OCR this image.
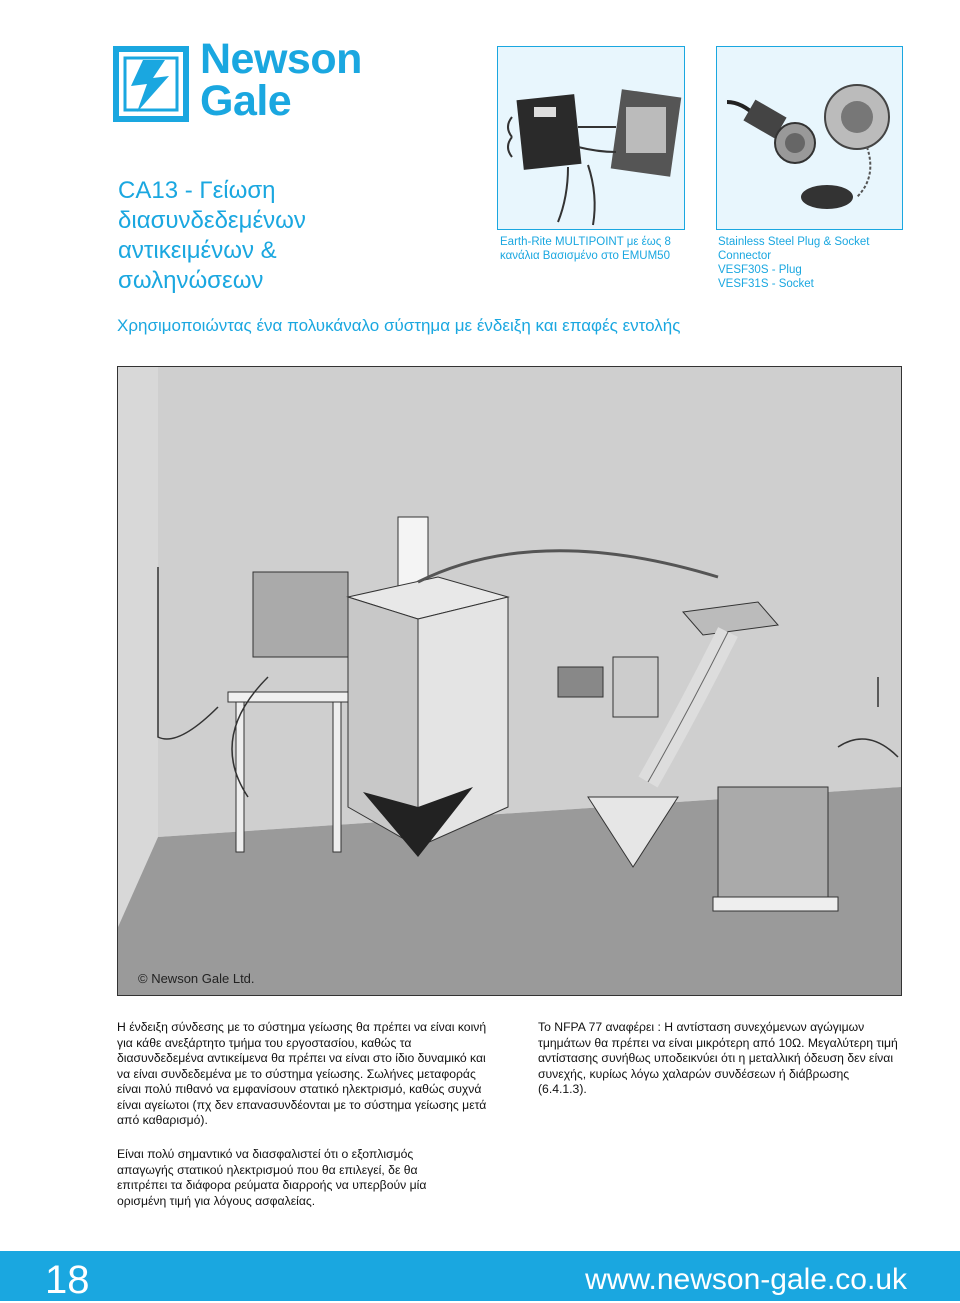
Newson
Gale
CA13 - Γείωση διασυνδεδεμένων αντικειμένων & σωληνώσεων
Earth-Rite MULTIPOINT με έως 8 κανάλια Βασισμένο στο EMUM50
Stainless Steel Plug & Socket
Connector
VESF30S - Plug
VESF31S - Socket
Χρησιμοποιώντας ένα πολυκάναλο σύστημα με ένδειξη και επαφές εντολής
© Newson Gale Ltd.
Η ένδειξη σύνδεσης με το σύστημα γείωσης θα πρέπει να είναι κοινή για κάθε ανεξάρτητο τμήμα του εργοστασίου, καθώς τα διασυνδεδεμένα αντικείμενα θα πρέπει να είναι στο ίδιο δυναμικό και να είναι συνδεδεμένα με το σύστημα γείωσης. Σωλήνες μεταφοράς είναι πολύ πιθανό να εμφανίσουν στατικό ηλεκτρισμό, καθώς συχνά είναι αγείωτοι (πχ δεν επανασυνδέονται με το σύστημα γείωσης μετά από καθαρισμό).
Είναι πολύ σημαντικό να διασφαλιστεί ότι ο εξοπλισμός απαγωγής στατικού ηλεκτρισμού που θα επιλεγεί, δε θα επιτρέπει τα διάφορα ρεύματα διαρροής να υπερβούν μία ορισμένη τιμή για λόγους ασφαλείας.
Το NFPA 77 αναφέρει : Η αντίσταση συνεχόμενων αγώγιμων τμημάτων θα πρέπει να είναι μικρότερη από 10Ω. Μεγαλύτερη τιμή αντίστασης συνήθως υποδεικνύει ότι η μεταλλική όδευση δεν είναι συνεχής, κυρίως λόγω χαλαρών συνδέσεων ή διάβρωσης (6.4.1.3).
18	www.newson-gale.co.uk
